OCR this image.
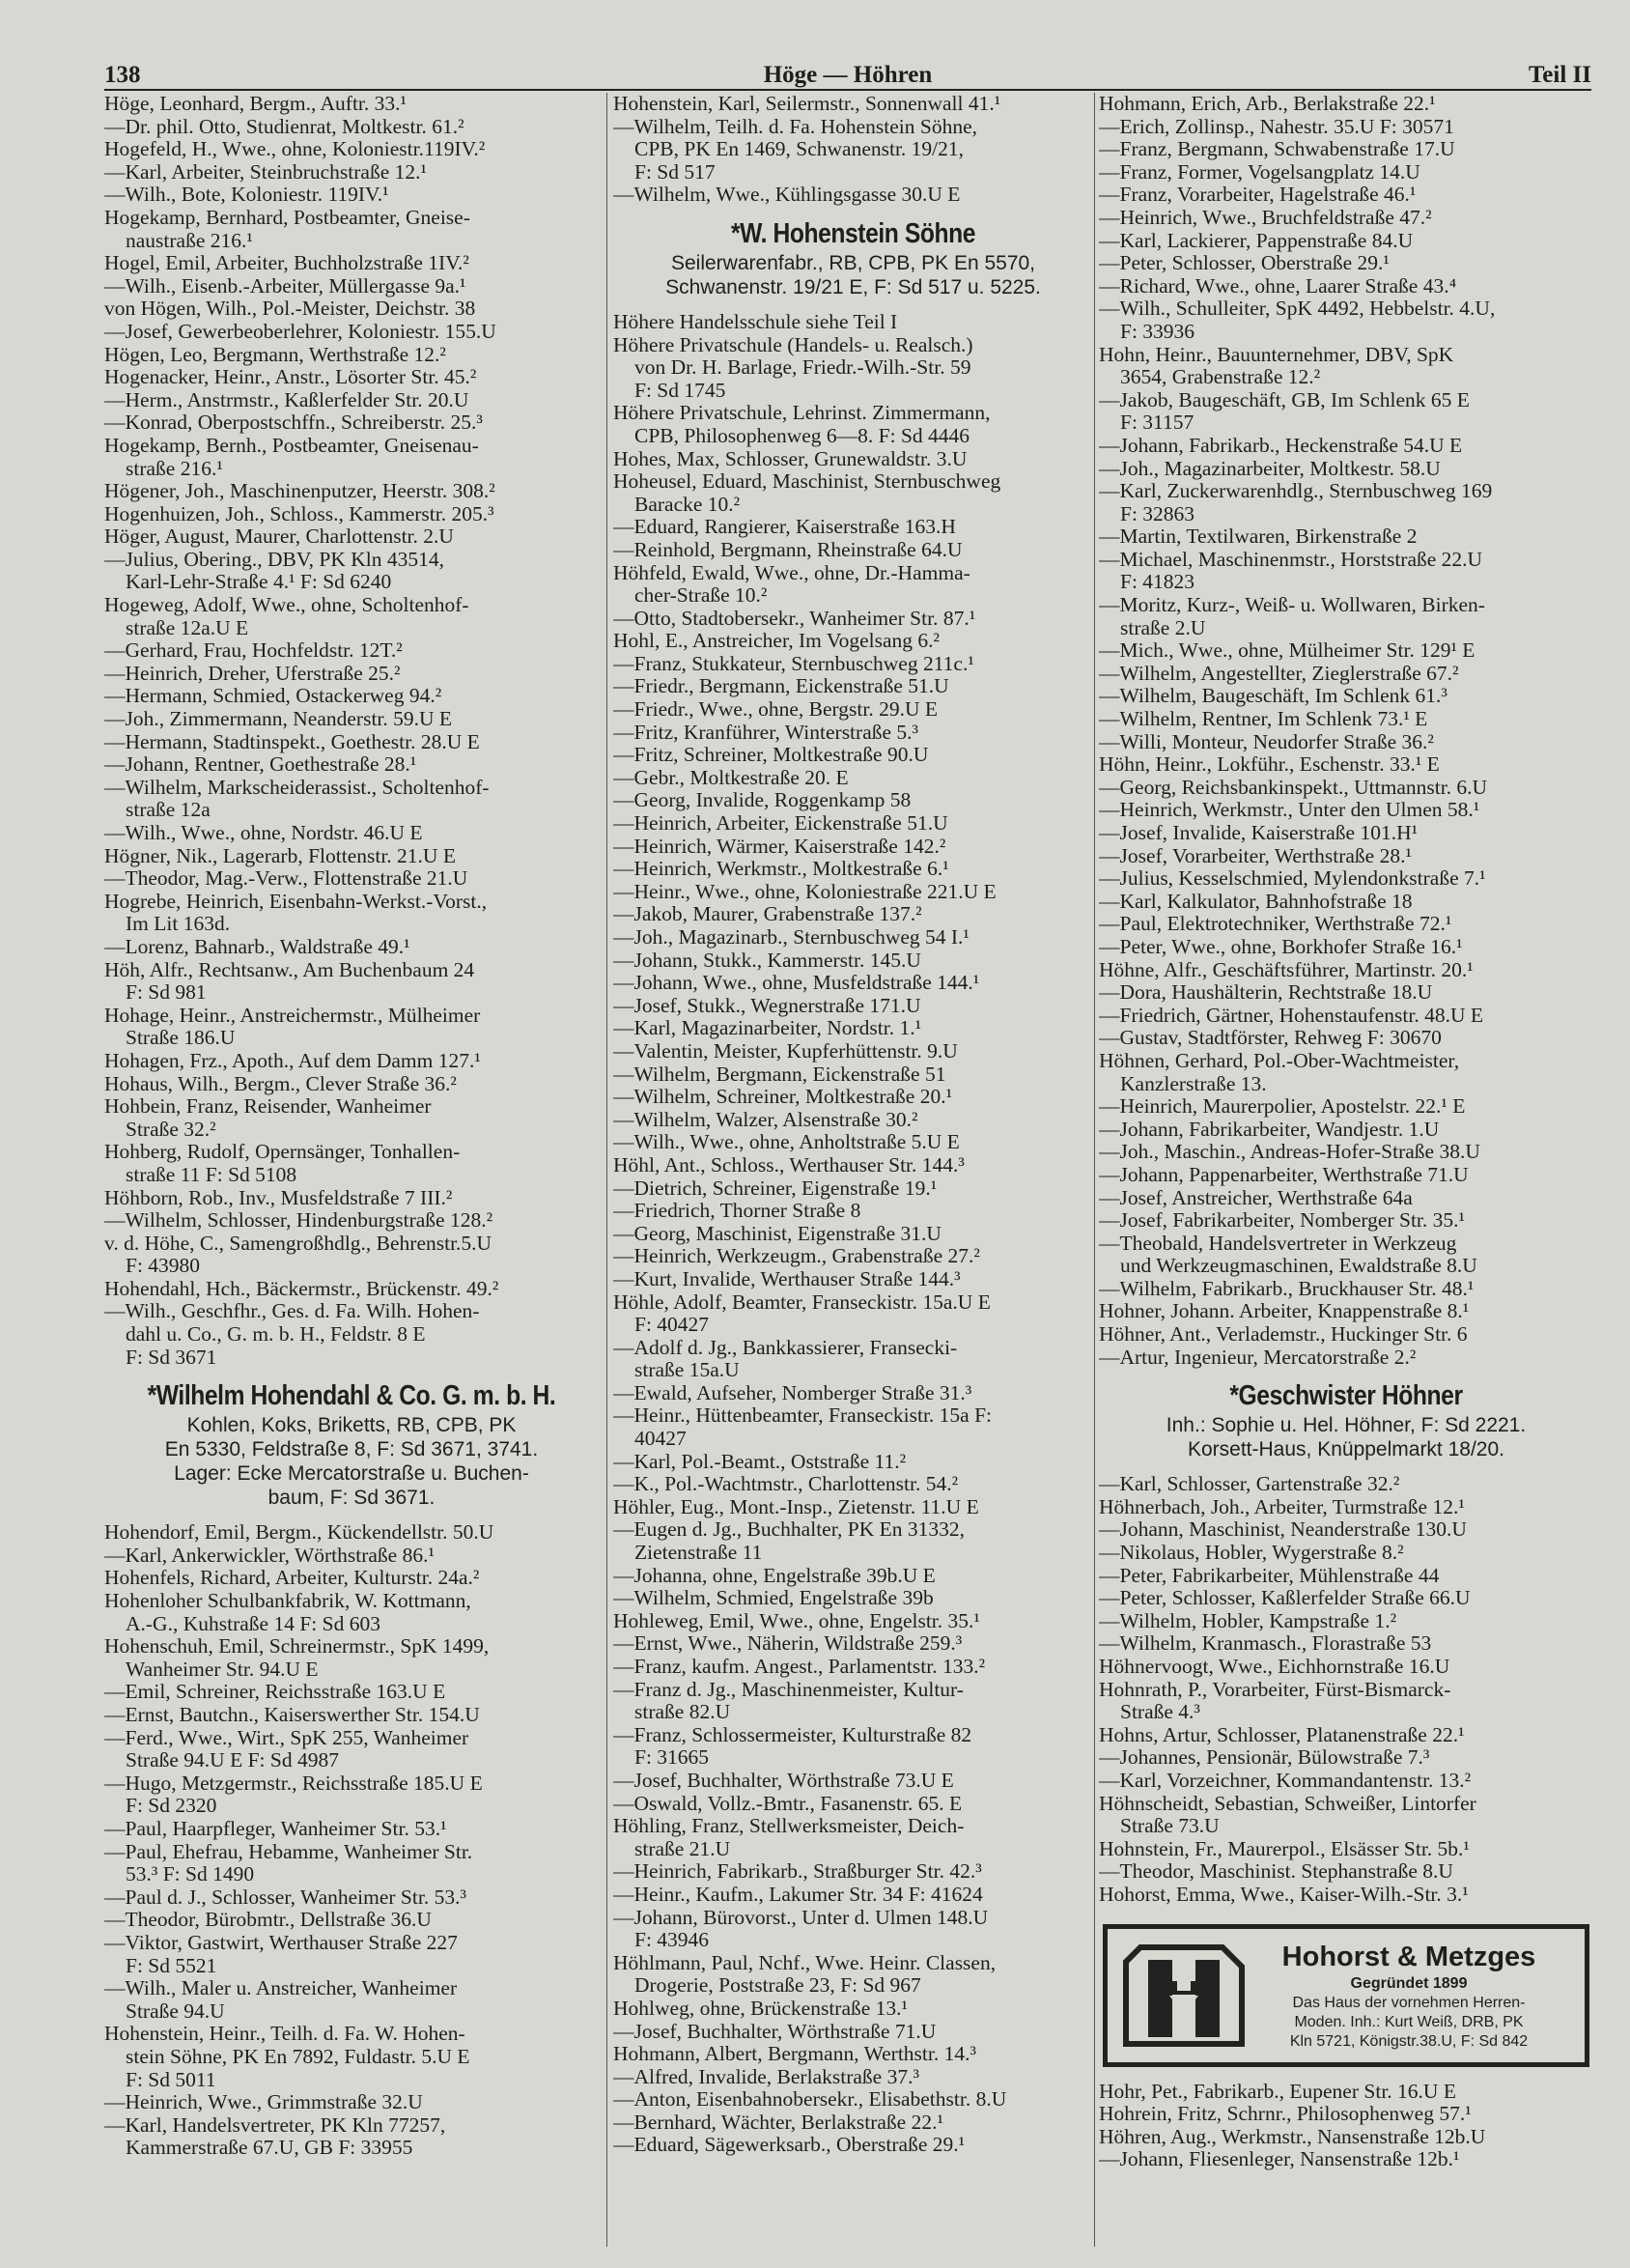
138	Höge — Höhren	Teil II
Höge, Leonhard, Bergm., Auftr. 33.¹
—Dr. phil. Otto, Studienrat, Moltkestr. 61.²
Hogefeld, H., Wwe., ohne, Koloniestr.119IV.²
—Karl, Arbeiter, Steinbruchstraße 12.¹
—Wilh., Bote, Koloniestr. 119IV.¹
Hogekamp, Bernhard, Postbeamter, Gneise-
naustraße 216.¹
Hogel, Emil, Arbeiter, Buchholzstraße 1IV.²
—Wilh., Eisenb.-Arbeiter, Müllergasse 9a.¹
von Högen, Wilh., Pol.-Meister, Deichstr. 38
—Josef, Gewerbeoberlehrer, Koloniestr. 155.U
Högen, Leo, Bergmann, Werthstraße 12.²
Hogenacker, Heinr., Anstr., Lösorter Str. 45.²
—Herm., Anstrmstr., Kaßlerfelder Str. 20.U
—Konrad, Oberpostschffn., Schreiberstr. 25.³
Hogekamp, Bernh., Postbeamter, Gneisenau-
straße 216.¹
Högener, Joh., Maschinenputzer, Heerstr. 308.²
Hogenhuizen, Joh., Schloss., Kammerstr. 205.³
Höger, August, Maurer, Charlottenstr. 2.U
—Julius, Obering., DBV, PK Kln 43514,
Karl-Lehr-Straße 4.¹ F: Sd 6240
Hogeweg, Adolf, Wwe., ohne, Scholtenhof-
straße 12a.U E
—Gerhard, Frau, Hochfeldstr. 12T.²
—Heinrich, Dreher, Uferstraße 25.²
—Hermann, Schmied, Ostackerweg 94.²
—Joh., Zimmermann, Neanderstr. 59.U E
—Hermann, Stadtinspekt., Goethestr. 28.U E
—Johann, Rentner, Goethestraße 28.¹
—Wilhelm, Markscheiderassist., Scholtenhof-
straße 12a
—Wilh., Wwe., ohne, Nordstr. 46.U E
Högner, Nik., Lagerarb, Flottenstr. 21.U E
—Theodor, Mag.-Verw., Flottenstraße 21.U
Hogrebe, Heinrich, Eisenbahn-Werkst.-Vorst.,
Im Lit 163d.
—Lorenz, Bahnarb., Waldstraße 49.¹
Höh, Alfr., Rechtsanw., Am Buchenbaum 24
F: Sd 981
Hohage, Heinr., Anstreichermstr., Mülheimer
Straße 186.U
Hohagen, Frz., Apoth., Auf dem Damm 127.¹
Hohaus, Wilh., Bergm., Clever Straße 36.²
Hohbein, Franz, Reisender, Wanheimer
Straße 32.²
Hohberg, Rudolf, Opernsänger, Tonhallen-
straße 11 F: Sd 5108
Höhborn, Rob., Inv., Musfeldstraße 7 III.²
—Wilhelm, Schlosser, Hindenburgstraße 128.²
v. d. Höhe, C., Samengroßhdlg., Behrenstr.5.U
F: 43980
Hohendahl, Hch., Bäckermstr., Brückenstr. 49.²
—Wilh., Geschfhr., Ges. d. Fa. Wilh. Hohen-
dahl u. Co., G. m. b. H., Feldstr. 8 E
F: Sd 3671
*Wilhelm Hohendahl & Co. G. m. b. H.
Kohlen, Koks, Briketts, RB, CPB, PK
En 5330, Feldstraße 8, F: Sd 3671, 3741.
Lager: Ecke Mercatorstraße u. Buchen-
baum, F: Sd 3671.
Hohendorf, Emil, Bergm., Kückendellstr. 50.U
—Karl, Ankerwickler, Wörthstraße 86.¹
Hohenfels, Richard, Arbeiter, Kulturstr. 24a.²
Hohenloher Schulbankfabrik, W. Kottmann,
A.-G., Kuhstraße 14 F: Sd 603
Hohenschuh, Emil, Schreinermstr., SpK 1499,
Wanheimer Str. 94.U E
—Emil, Schreiner, Reichsstraße 163.U E
—Ernst, Bautchn., Kaiserswerther Str. 154.U
—Ferd., Wwe., Wirt., SpK 255, Wanheimer
Straße 94.U E F: Sd 4987
—Hugo, Metzgermstr., Reichsstraße 185.U E
F: Sd 2320
—Paul, Haarpfleger, Wanheimer Str. 53.¹
—Paul, Ehefrau, Hebamme, Wanheimer Str.
53.³ F: Sd 1490
—Paul d. J., Schlosser, Wanheimer Str. 53.³
—Theodor, Bürobmtr., Dellstraße 36.U
—Viktor, Gastwirt, Werthauser Straße 227
F: Sd 5521
—Wilh., Maler u. Anstreicher, Wanheimer
Straße 94.U
Hohenstein, Heinr., Teilh. d. Fa. W. Hohen-
stein Söhne, PK En 7892, Fuldastr. 5.U E
F: Sd 5011
—Heinrich, Wwe., Grimmstraße 32.U
—Karl, Handelsvertreter, PK Kln 77257,
Kammerstraße 67.U, GB F: 33955
Hohenstein, Karl, Seilermstr., Sonnenwall 41.¹
—Wilhelm, Teilh. d. Fa. Hohenstein Söhne,
CPB, PK En 1469, Schwanenstr. 19/21,
F: Sd 517
—Wilhelm, Wwe., Kühlingsgasse 30.U E
*W. Hohenstein Söhne
Seilerwarenfabr., RB, CPB, PK En 5570,
Schwanenstr. 19/21 E, F: Sd 517 u. 5225.
Höhere Handelsschule siehe Teil I
Höhere Privatschule (Handels- u. Realsch.)
von Dr. H. Barlage, Friedr.-Wilh.-Str. 59
F: Sd 1745
Höhere Privatschule, Lehrinst. Zimmermann,
CPB, Philosophenweg 6—8. F: Sd 4446
Hohes, Max, Schlosser, Grunewaldstr. 3.U
Hoheusel, Eduard, Maschinist, Sternbuschweg
Baracke 10.²
—Eduard, Rangierer, Kaiserstraße 163.H
—Reinhold, Bergmann, Rheinstraße 64.U
Höhfeld, Ewald, Wwe., ohne, Dr.-Hamma-
cher-Straße 10.²
—Otto, Stadtobersekr., Wanheimer Str. 87.¹
Hohl, E., Anstreicher, Im Vogelsang 6.²
—Franz, Stukkateur, Sternbuschweg 211c.¹
—Friedr., Bergmann, Eickenstraße 51.U
—Friedr., Wwe., ohne, Bergstr. 29.U E
—Fritz, Kranführer, Winterstraße 5.³
—Fritz, Schreiner, Moltkestraße 90.U
—Gebr., Moltkestraße 20. E
—Georg, Invalide, Roggenkamp 58
—Heinrich, Arbeiter, Eickenstraße 51.U
—Heinrich, Wärmer, Kaiserstraße 142.²
—Heinrich, Werkmstr., Moltkestraße 6.¹
—Heinr., Wwe., ohne, Koloniestraße 221.U E
—Jakob, Maurer, Grabenstraße 137.²
—Joh., Magazinarb., Sternbuschweg 54 I.¹
—Johann, Stukk., Kammerstr. 145.U
—Johann, Wwe., ohne, Musfeldstraße 144.¹
—Josef, Stukk., Wegnerstraße 171.U
—Karl, Magazinarbeiter, Nordstr. 1.¹
—Valentin, Meister, Kupferhüttenstr. 9.U
—Wilhelm, Bergmann, Eickenstraße 51
—Wilhelm, Schreiner, Moltkestraße 20.¹
—Wilhelm, Walzer, Alsenstraße 30.²
—Wilh., Wwe., ohne, Anholtstraße 5.U E
Höhl, Ant., Schloss., Werthauser Str. 144.³
—Dietrich, Schreiner, Eigenstraße 19.¹
—Friedrich, Thorner Straße 8
—Georg, Maschinist, Eigenstraße 31.U
—Heinrich, Werkzeugm., Grabenstraße 27.²
—Kurt, Invalide, Werthauser Straße 144.³
Höhle, Adolf, Beamter, Franseckistr. 15a.U E
F: 40427
—Adolf d. Jg., Bankkassierer, Fransecki-
straße 15a.U
—Ewald, Aufseher, Nomberger Straße 31.³
—Heinr., Hüttenbeamter, Franseckistr. 15a F:
40427
—Karl, Pol.-Beamt., Oststraße 11.²
—K., Pol.-Wachtmstr., Charlottenstr. 54.²
Höhler, Eug., Mont.-Insp., Zietenstr. 11.U E
—Eugen d. Jg., Buchhalter, PK En 31332,
Zietenstraße 11
—Johanna, ohne, Engelstraße 39b.U E
—Wilhelm, Schmied, Engelstraße 39b
Hohleweg, Emil, Wwe., ohne, Engelstr. 35.¹
—Ernst, Wwe., Näherin, Wildstraße 259.³
—Franz, kaufm. Angest., Parlamentstr. 133.²
—Franz d. Jg., Maschinenmeister, Kultur-
straße 82.U
—Franz, Schlossermeister, Kulturstraße 82
F: 31665
—Josef, Buchhalter, Wörthstraße 73.U E
—Oswald, Vollz.-Bmtr., Fasanenstr. 65. E
Höhling, Franz, Stellwerksmeister, Deich-
straße 21.U
—Heinrich, Fabrikarb., Straßburger Str. 42.³
—Heinr., Kaufm., Lakumer Str. 34 F: 41624
—Johann, Bürovorst., Unter d. Ulmen 148.U
F: 43946
Höhlmann, Paul, Nchf., Wwe. Heinr. Classen,
Drogerie, Poststraße 23, F: Sd 967
Hohlweg, ohne, Brückenstraße 13.¹
—Josef, Buchhalter, Wörthstraße 71.U
Hohmann, Albert, Bergmann, Werthstr. 14.³
—Alfred, Invalide, Berlakstraße 37.³
—Anton, Eisenbahnobersekr., Elisabethstr. 8.U
—Bernhard, Wächter, Berlakstraße 22.¹
—Eduard, Sägewerksarb., Oberstraße 29.¹
Hohmann, Erich, Arb., Berlakstraße 22.¹
—Erich, Zollinsp., Nahestr. 35.U F: 30571
—Franz, Bergmann, Schwabenstraße 17.U
—Franz, Former, Vogelsangplatz 14.U
—Franz, Vorarbeiter, Hagelstraße 46.¹
—Heinrich, Wwe., Bruchfeldstraße 47.²
—Karl, Lackierer, Pappenstraße 84.U
—Peter, Schlosser, Oberstraße 29.¹
—Richard, Wwe., ohne, Laarer Straße 43.⁴
—Wilh., Schulleiter, SpK 4492, Hebbelstr. 4.U,
F: 33936
Hohn, Heinr., Bauunternehmer, DBV, SpK
3654, Grabenstraße 12.²
—Jakob, Baugeschäft, GB, Im Schlenk 65 E
F: 31157
—Johann, Fabrikarb., Heckenstraße 54.U E
—Joh., Magazinarbeiter, Moltkestr. 58.U
—Karl, Zuckerwarenhdlg., Sternbuschweg 169
F: 32863
—Martin, Textilwaren, Birkenstraße 2
—Michael, Maschinenmstr., Horststraße 22.U
F: 41823
—Moritz, Kurz-, Weiß- u. Wollwaren, Birken-
straße 2.U
—Mich., Wwe., ohne, Mülheimer Str. 129¹ E
—Wilhelm, Angestellter, Zieglerstraße 67.²
—Wilhelm, Baugeschäft, Im Schlenk 61.³
—Wilhelm, Rentner, Im Schlenk 73.¹ E
—Willi, Monteur, Neudorfer Straße 36.²
Höhn, Heinr., Lokführ., Eschenstr. 33.¹ E
—Georg, Reichsbankinspekt., Uttmannstr. 6.U
—Heinrich, Werkmstr., Unter den Ulmen 58.¹
—Josef, Invalide, Kaiserstraße 101.H¹
—Josef, Vorarbeiter, Werthstraße 28.¹
—Julius, Kesselschmied, Mylendonkstraße 7.¹
—Karl, Kalkulator, Bahnhofstraße 18
—Paul, Elektrotechniker, Werthstraße 72.¹
—Peter, Wwe., ohne, Borkhofer Straße 16.¹
Höhne, Alfr., Geschäftsführer, Martinstr. 20.¹
—Dora, Haushälterin, Rechtstraße 18.U
—Friedrich, Gärtner, Hohenstaufenstr. 48.U E
—Gustav, Stadtförster, Rehweg F: 30670
Höhnen, Gerhard, Pol.-Ober-Wachtmeister,
Kanzlerstraße 13.
—Heinrich, Maurerpolier, Apostelstr. 22.¹ E
—Johann, Fabrikarbeiter, Wandjestr. 1.U
—Joh., Maschin., Andreas-Hofer-Straße 38.U
—Johann, Pappenarbeiter, Werthstraße 71.U
—Josef, Anstreicher, Werthstraße 64a
—Josef, Fabrikarbeiter, Nomberger Str. 35.¹
—Theobald, Handelsvertreter in Werkzeug
und Werkzeugmaschinen, Ewaldstraße 8.U
—Wilhelm, Fabrikarb., Bruckhauser Str. 48.¹
Hohner, Johann. Arbeiter, Knappenstraße 8.¹
Höhner, Ant., Verlademstr., Huckinger Str. 6
—Artur, Ingenieur, Mercatorstraße 2.²
*Geschwister Höhner
Inh.: Sophie u. Hel. Höhner, F: Sd 2221.
Korsett-Haus, Knüppelmarkt 18/20.
—Karl, Schlosser, Gartenstraße 32.²
Höhnerbach, Joh., Arbeiter, Turmstraße 12.¹
—Johann, Maschinist, Neanderstraße 130.U
—Nikolaus, Hobler, Wygerstraße 8.²
—Peter, Fabrikarbeiter, Mühlenstraße 44
—Peter, Schlosser, Kaßlerfelder Straße 66.U
—Wilhelm, Hobler, Kampstraße 1.²
—Wilhelm, Kranmasch., Florastraße 53
Höhnervoogt, Wwe., Eichhornstraße 16.U
Hohnrath, P., Vorarbeiter, Fürst-Bismarck-
Straße 4.³
Hohns, Artur, Schlosser, Platanenstraße 22.¹
—Johannes, Pensionär, Bülowstraße 7.³
—Karl, Vorzeichner, Kommandantenstr. 13.²
Höhnscheidt, Sebastian, Schweißer, Lintorfer
Straße 73.U
Hohnstein, Fr., Maurerpol., Elsässer Str. 5b.¹
—Theodor, Maschinist. Stephanstraße 8.U
Hohorst, Emma, Wwe., Kaiser-Wilh.-Str. 3.¹
Hohorst & Metzges
Gegründet 1899
Das Haus der vornehmen Herren-
Moden. Inh.: Kurt Weiß, DRB, PK
Kln 5721, Königstr.38.U, F: Sd 842
Hohr, Pet., Fabrikarb., Eupener Str. 16.U E
Hohrein, Fritz, Schrnr., Philosophenweg 57.¹
Höhren, Aug., Werkmstr., Nansenstraße 12b.U
—Johann, Fliesenleger, Nansenstraße 12b.¹
